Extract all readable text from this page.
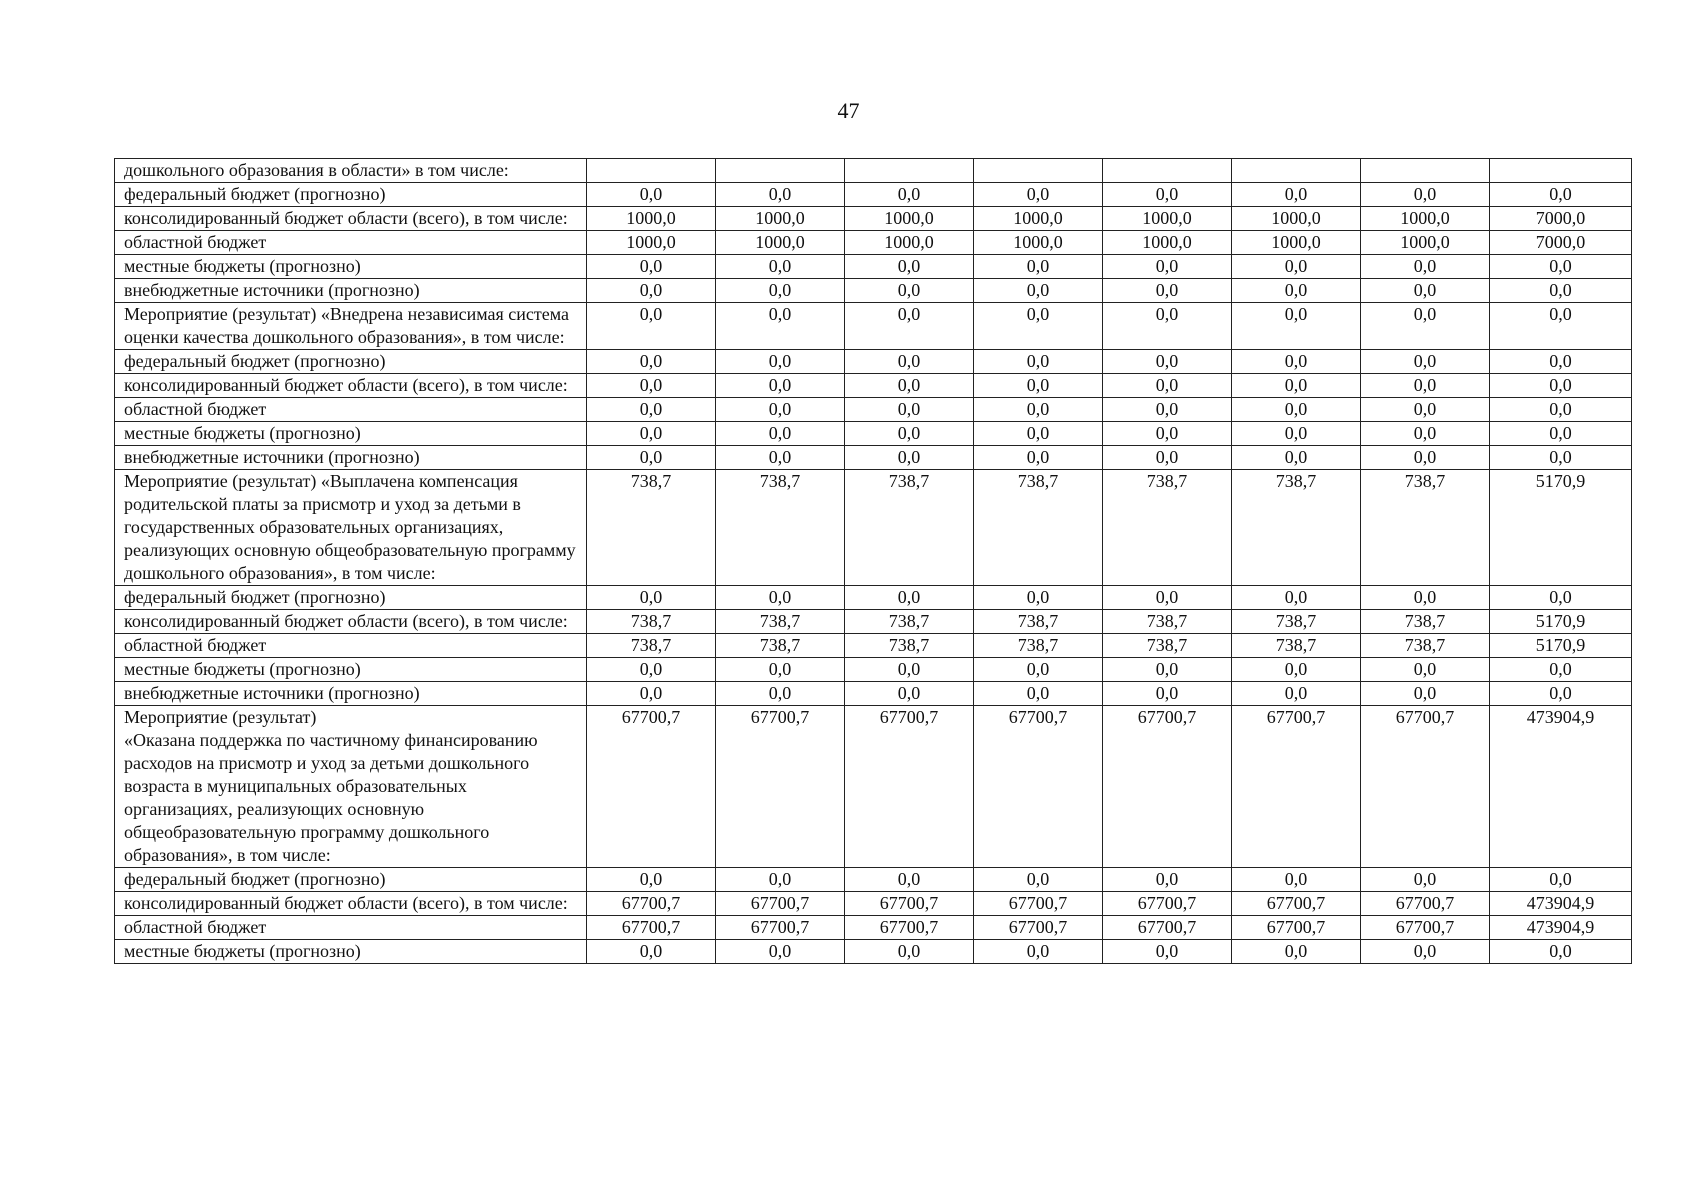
47
дошкольного образования в области» в том числе:								
федеральный бюджет (прогнозно)	0,0	0,0	0,0	0,0	0,0	0,0	0,0	0,0
консолидированный бюджет области (всего), в том числе:	1000,0	1000,0	1000,0	1000,0	1000,0	1000,0	1000,0	7000,0
областной бюджет	1000,0	1000,0	1000,0	1000,0	1000,0	1000,0	1000,0	7000,0
местные бюджеты (прогнозно)	0,0	0,0	0,0	0,0	0,0	0,0	0,0	0,0
внебюджетные источники (прогнозно)	0,0	0,0	0,0	0,0	0,0	0,0	0,0	0,0
Мероприятие (результат) «Внедрена независимая система оценки качества дошкольного образования», в том числе:	0,0	0,0	0,0	0,0	0,0	0,0	0,0	0,0
федеральный бюджет (прогнозно)	0,0	0,0	0,0	0,0	0,0	0,0	0,0	0,0
консолидированный бюджет области (всего), в том числе:	0,0	0,0	0,0	0,0	0,0	0,0	0,0	0,0
областной бюджет	0,0	0,0	0,0	0,0	0,0	0,0	0,0	0,0
местные бюджеты (прогнозно)	0,0	0,0	0,0	0,0	0,0	0,0	0,0	0,0
внебюджетные источники (прогнозно)	0,0	0,0	0,0	0,0	0,0	0,0	0,0	0,0
Мероприятие (результат) «Выплачена компенсация родительской платы за присмотр и уход за детьми в государственных образовательных организациях, реализующих основную общеобразовательную программу дошкольного образования», в том числе:	738,7	738,7	738,7	738,7	738,7	738,7	738,7	5170,9
федеральный бюджет (прогнозно)	0,0	0,0	0,0	0,0	0,0	0,0	0,0	0,0
консолидированный бюджет области (всего), в том числе:	738,7	738,7	738,7	738,7	738,7	738,7	738,7	5170,9
областной бюджет	738,7	738,7	738,7	738,7	738,7	738,7	738,7	5170,9
местные бюджеты (прогнозно)	0,0	0,0	0,0	0,0	0,0	0,0	0,0	0,0
внебюджетные источники (прогнозно)	0,0	0,0	0,0	0,0	0,0	0,0	0,0	0,0
Мероприятие (результат)
«Оказана поддержка по частичному финансированию расходов на присмотр и уход за детьми дошкольного возраста в муниципальных образовательных организациях, реализующих основную общеобразовательную программу дошкольного образования», в том числе:	67700,7	67700,7	67700,7	67700,7	67700,7	67700,7	67700,7	473904,9
федеральный бюджет (прогнозно)	0,0	0,0	0,0	0,0	0,0	0,0	0,0	0,0
консолидированный бюджет области (всего), в том числе:	67700,7	67700,7	67700,7	67700,7	67700,7	67700,7	67700,7	473904,9
областной бюджет	67700,7	67700,7	67700,7	67700,7	67700,7	67700,7	67700,7	473904,9
местные бюджеты (прогнозно)	0,0	0,0	0,0	0,0	0,0	0,0	0,0	0,0
